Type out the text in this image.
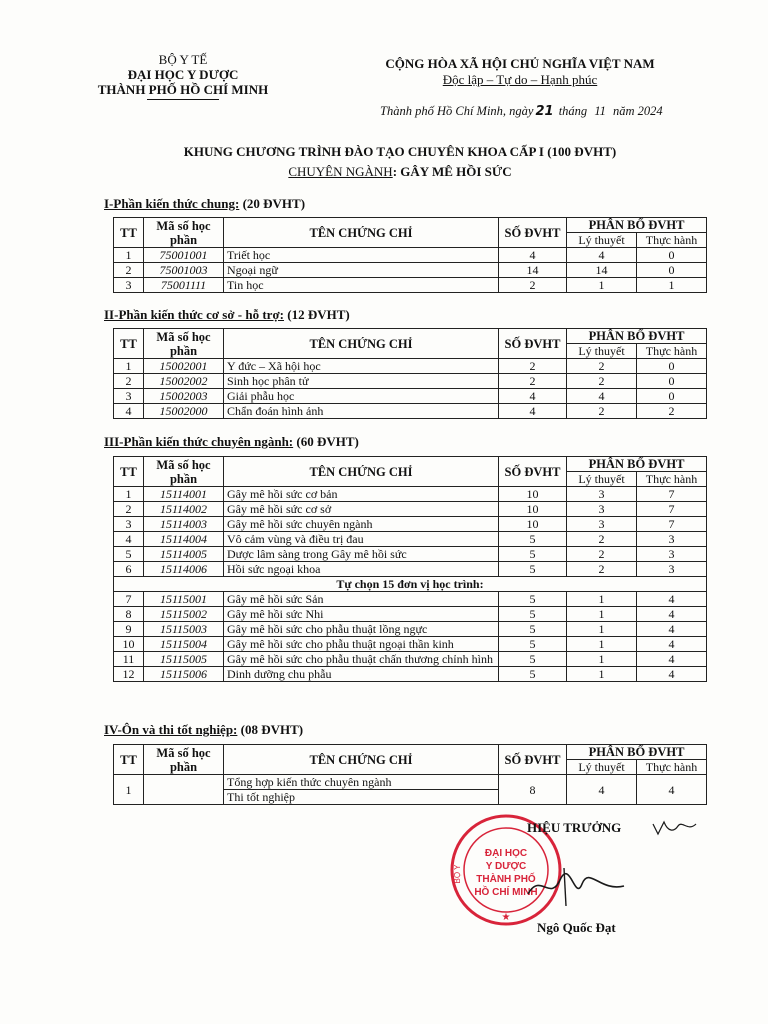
BỘ Y TẾ
ĐẠI HỌC Y DƯỢC
THÀNH PHỐ HỒ CHÍ MINH
CỘNG HÒA XÃ HỘI CHỦ NGHĨA VIỆT NAM
Độc lập – Tự do – Hạnh phúc
Thành phố Hồ Chí Minh, ngày 21 tháng 11 năm 2024
KHUNG CHƯƠNG TRÌNH ĐÀO TẠO CHUYÊN KHOA CẤP I (100 ĐVHT)
CHUYÊN NGÀNH: GÂY MÊ HỒI SỨC
I-Phần kiến thức chung: (20 ĐVHT)
TT	Mã số học phần	TÊN CHỨNG CHỈ	SỐ ĐVHT	PHÂN BỔ ĐVHT	
				Lý thuyết	Thực hành
1	75001001	Triết học	4	4	0
2	75001003	Ngoại ngữ	14	14	0
3	75001111	Tin học	2	1	1
II-Phần kiến thức cơ sở - hỗ trợ: (12 ĐVHT)
TT	Mã số học phần	TÊN CHỨNG CHỈ	SỐ ĐVHT	PHÂN BỔ ĐVHT	
				Lý thuyết	Thực hành
1	15002001	Y đức – Xã hội học	2	2	0
2	15002002	Sinh học phân tử	2	2	0
3	15002003	Giải phẫu học	4	4	0
4	15002000	Chẩn đoán hình ảnh	4	2	2
III-Phần kiến thức chuyên ngành: (60 ĐVHT)
TT	Mã số học phần	TÊN CHỨNG CHỈ	SỐ ĐVHT	PHÂN BỔ ĐVHT	
				Lý thuyết	Thực hành
1	15114001	Gây mê hồi sức cơ bản	10	3	7
2	15114002	Gây mê hồi sức cơ sở	10	3	7
3	15114003	Gây mê hồi sức chuyên ngành	10	3	7
4	15114004	Vô cảm vùng và điều trị đau	5	2	3
5	15114005	Dược lâm sàng trong Gây mê hồi sức	5	2	3
6	15114006	Hồi sức ngoại khoa	5	2	3
Tự chọn 15 đơn vị học trình:					
7	15115001	Gây mê hồi sức Sản	5	1	4
8	15115002	Gây mê hồi sức Nhi	5	1	4
9	15115003	Gây mê hồi sức cho phẫu thuật lồng ngực	5	1	4
10	15115004	Gây mê hồi sức cho phẫu thuật ngoại thần kinh	5	1	4
11	15115005	Gây mê hồi sức cho phẫu thuật chấn thương chỉnh hình	5	1	4
12	15115006	Dinh dưỡng chu phẫu	5	1	4
IV-Ôn và thi tốt nghiệp: (08 ĐVHT)
TT	Mã số học phần	TÊN CHỨNG CHỈ	SỐ ĐVHT	PHÂN BỔ ĐVHT	
				Lý thuyết	Thực hành
1		Tổng hợp kiến thức chuyên ngành	8	4	4
		Thi tốt nghiệp			
ĐẠI HỌC
Y DƯỢC
THÀNH PHỐ
HỒ CHÍ MINH
BỘ Y
★
HIỆU TRƯỞNG
Ngô Quốc Đạt
